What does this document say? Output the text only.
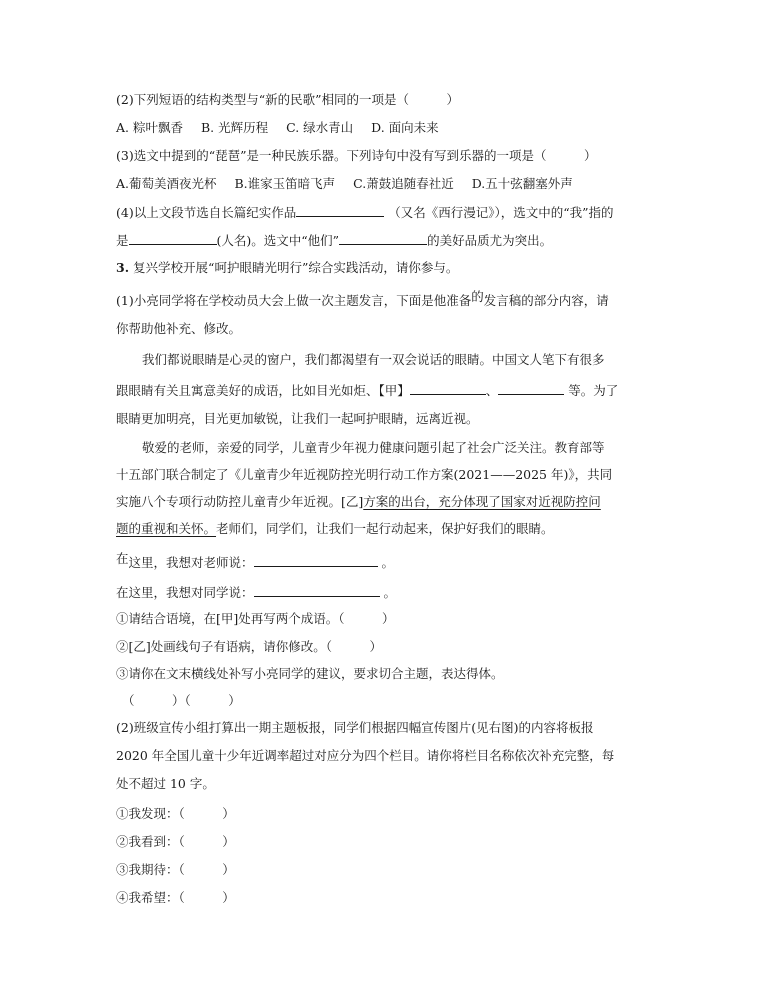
(2)下列短语的结构类型与“新的民歌”相同的一项是（　　　）
A. 粽叶飘香 B. 光辉历程 C. 绿水青山 D. 面向未来
(3)选文中提到的“琵琶”是一种民族乐器。下列诗句中没有写到乐器的一项是（　　　）
A.葡萄美酒夜光杯 B.谁家玉笛暗飞声 C.萧鼓追随春社近 D.五十弦翻塞外声
(4)以上文段节选自长篇纪实作品	（又名《西行漫记》），选文中的“我”指的
是	(人名)。选文中“他们”	的美好品质尤为突出。
3. 复兴学校开展“呵护眼睛光明行”综合实践活动，请你参与。
(1)小亮同学将在学校动员大会上做一次主题发言，下面是他准备的发言稿的部分内容，请
你帮助他补充、修改。
我们都说眼睛是心灵的窗户，我们都渴望有一双会说话的眼睛。中国文人笔下有很多
跟眼睛有关且寓意美好的成语，比如目光如炬、【甲】	、	等。为了
眼睛更加明亮，目光更加敏锐，让我们一起呵护眼睛，远离近视。
敬爱的老师，亲爱的同学，儿童青少年视力健康问题引起了社会广泛关注。教育部等
十五部门联合制定了《儿童青少年近视防控光明行动工作方案(2021——2025 年)》，共同
实施八个专项行动防控儿童青少年近视。[乙]方案的出台，充分体现了国家对近视防控问
题的重视和关怀。老师们，同学们，让我们一起行动起来，保护好我们的眼睛。
在这里，我想对老师说：	。
在这里，我想对同学说：	。
①请结合语境，在[甲]处再写两个成语。（　　　）
②[乙]处画线句子有语病，请你修改。（　　　）
③请你在文末横线处补写小亮同学的建议，要求切合主题，表达得体。
（　　　）（　　　）
(2)班级宣传小组打算出一期主题板报，同学们根据四幅宣传图片(见右图)的内容将板报
2020 年全国儿童十少年近调率超过对应分为四个栏目。请你将栏目名称依次补充完整，每
处不超过 10 字。
①我发现：（　　　）
②我看到：（　　　）
③我期待：（　　　）
④我希望：（　　　）
